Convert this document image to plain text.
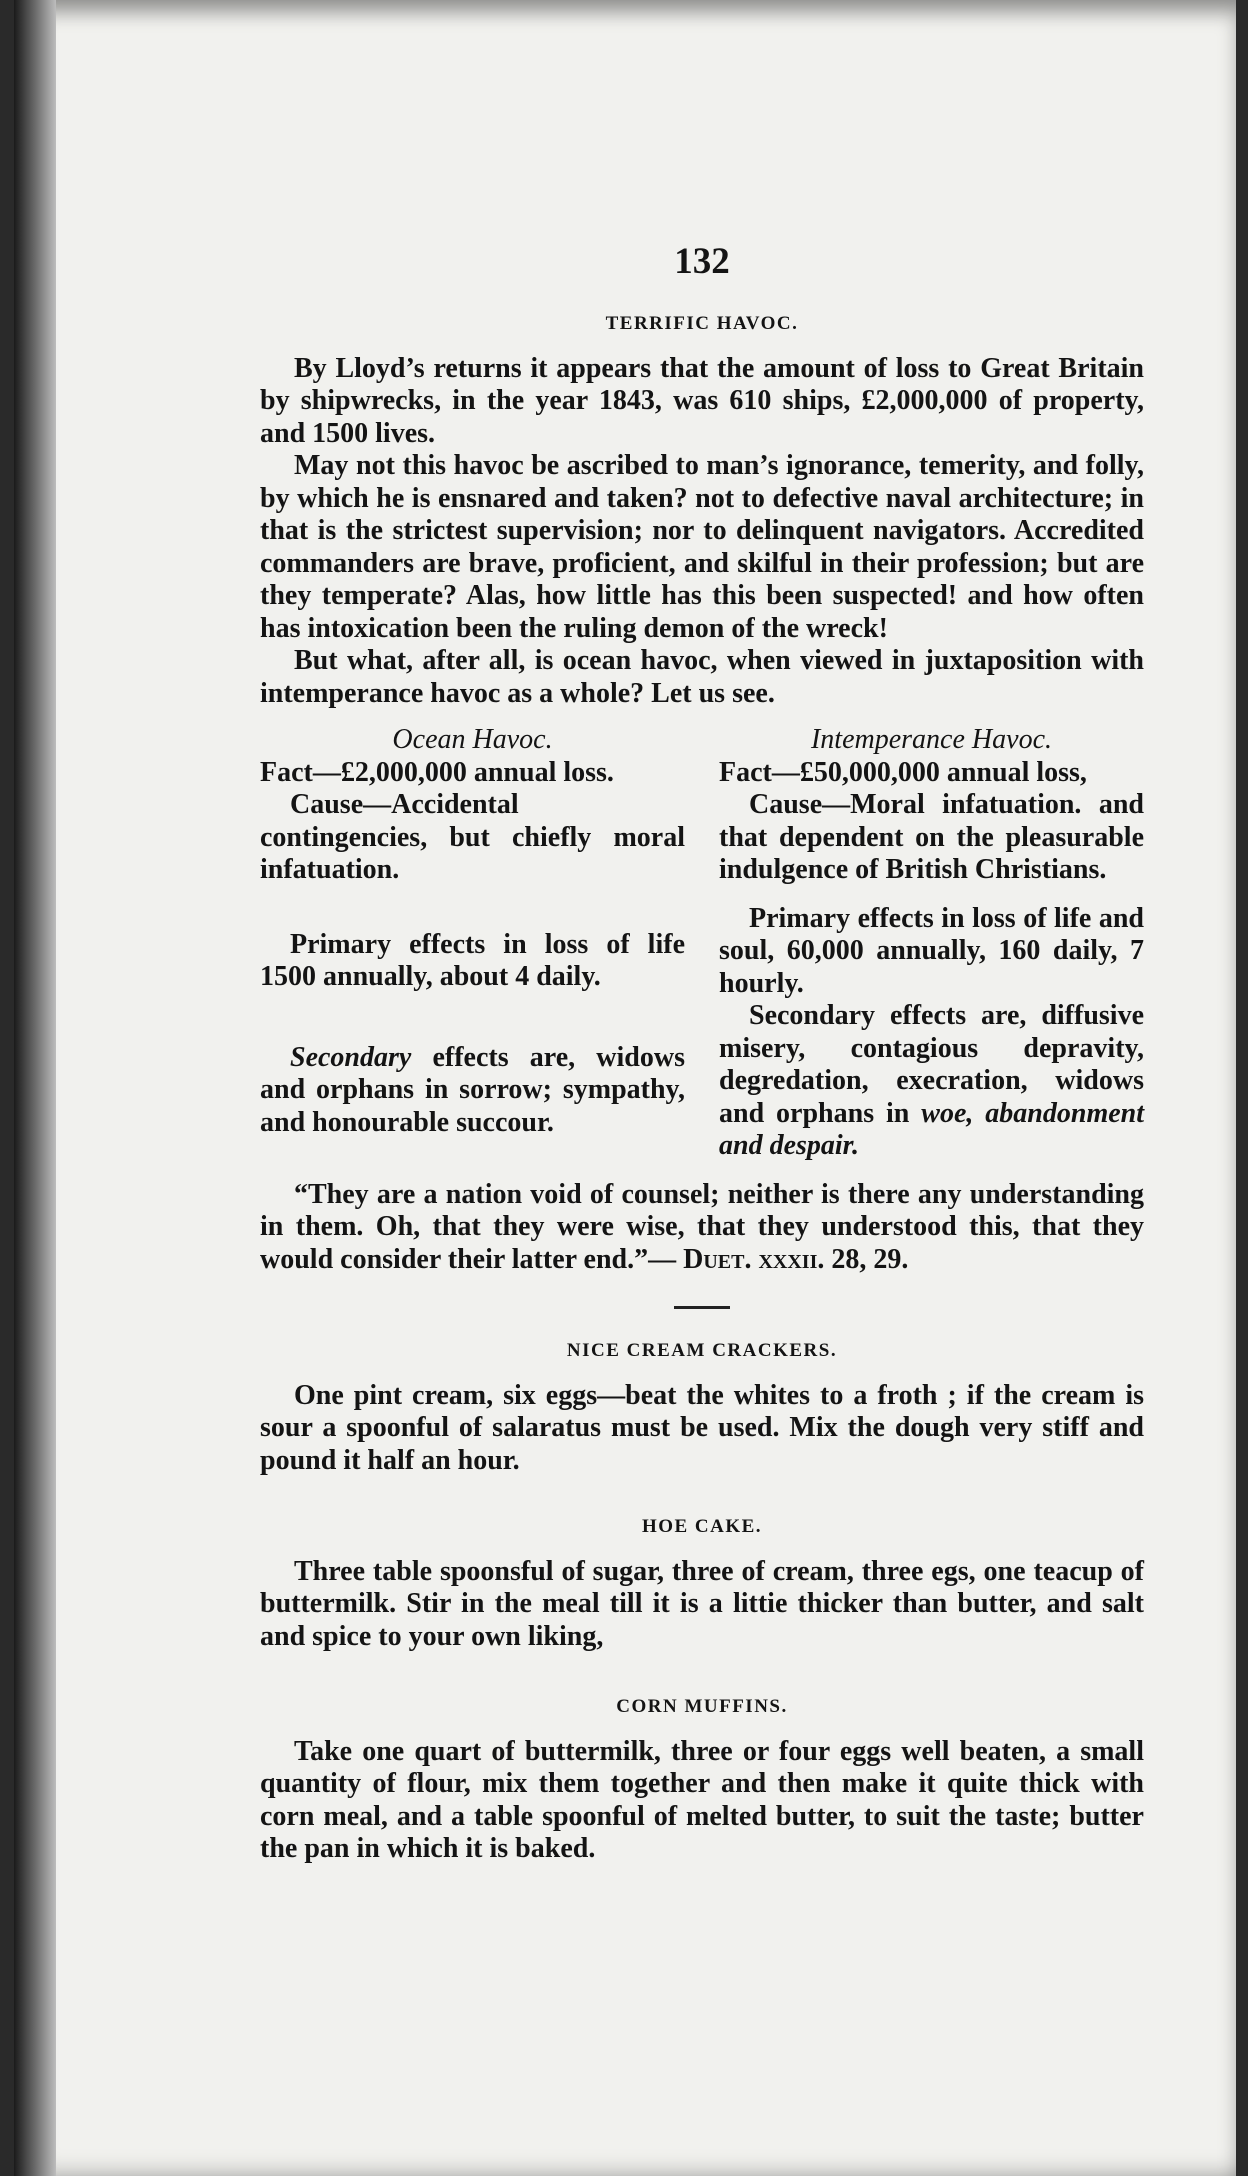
132
TERRIFIC HAVOC.

By Lloyd’s returns it appears that the amount of loss to Great Britain by shipwrecks, in the year 1843, was 610 ships, £2,000,000 of property, and 1500 lives.

May not this havoc be ascribed to man’s ignorance, temerity, and folly, by which he is ensnared and taken? not to defective naval architecture; in that is the strictest supervision; nor to delinquent navigators. Accredited commanders are brave, proficient, and skilful in their profession; but are they temperate? Alas, how little has this been suspected! and how often has intoxication been the ruling demon of the wreck!

But what, after all, is ocean havoc, when viewed in juxtaposition with intemperance havoc as a whole? Let us see.

Ocean Havoc.

Fact—£2,000,000 annual loss.

Cause—Accidental contingencies, but chiefly moral infatuation.

Primary effects in loss of life 1500 annually, about 4 daily.

Secondary effects are, widows and orphans in sorrow; sympathy, and honourable succour.

Intemperance Havoc.

Fact—£50,000,000 annual loss,

Cause—Moral infatuation. and that dependent on the pleasurable indulgence of British Christians.

Primary effects in loss of life and soul, 60,000 annually, 160 daily, 7 hourly.

Secondary effects are, diffusive misery, contagious depravity, degredation, execration, widows and orphans in woe, abandonment and despair.

“They are a nation void of counsel; neither is there any understanding in them. Oh, that they were wise, that they understood this, that they would consider their latter end.”— Duet. xxxii. 28, 29.

NICE CREAM CRACKERS.

One pint cream, six eggs—beat the whites to a froth ; if the cream is sour a spoonful of salaratus must be used. Mix the dough very stiff and pound it half an hour.

HOE CAKE.

Three table spoonsful of sugar, three of cream, three egs, one teacup of buttermilk. Stir in the meal till it is a littie thicker than butter, and salt and spice to your own liking,

CORN MUFFINS.

Take one quart of buttermilk, three or four eggs well beaten, a small quantity of flour, mix them together and then make it quite thick with corn meal, and a table spoonful of melted butter, to suit the taste; butter the pan in which it is baked.
